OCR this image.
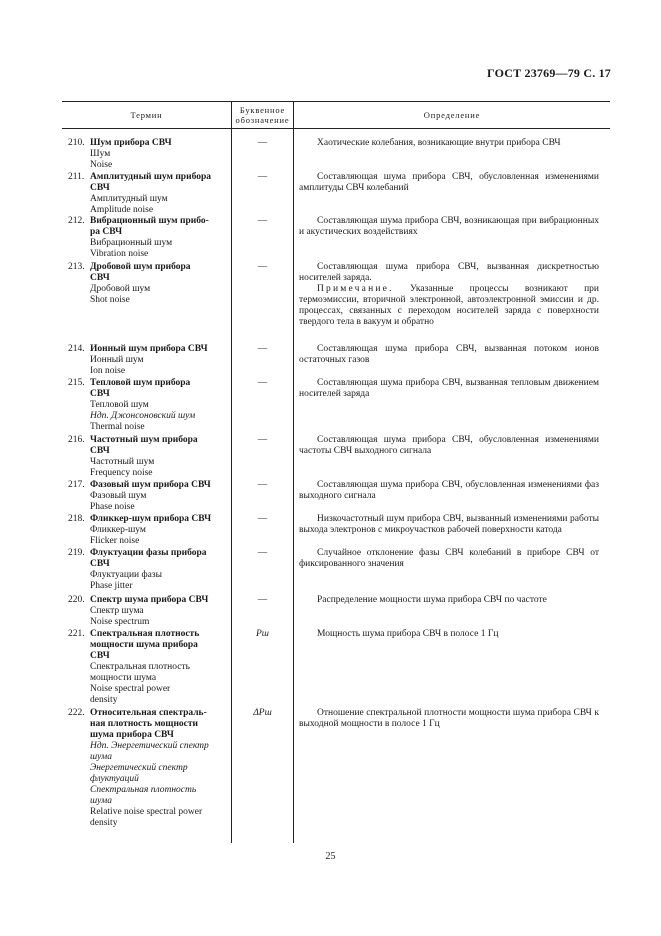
ГОСТ 23769—79 С. 17
Термин	Буквенное обозначение	Определение
210. Шум прибора СВЧ
Шум
Noise
—	Хаотические колебания, возникающие внутри прибора СВЧ
211. Амплитудный шум прибора
СВЧ
Амплитудный шум
Amplitude noise
—	Составляющая шума прибора СВЧ, обусловленная изменениями амплитуды СВЧ колебаний
212. Вибрационный шум прибо-
ра СВЧ
Вибрационный шум
Vibration noise
—	Составляющая шума прибора СВЧ, возникающая при вибрационных и акустических воздействиях
213. Дробовой шум прибора
СВЧ
Дробовой шум
Shot noise
—	Составляющая шума прибора СВЧ, вызванная дискретностью носителей заряда.
Примечание. Указанные процессы возникают при термоэмиссии, вторичной электронной, автоэлектронной эмиссии и др. процессах, связанных с переходом носителей заряда с поверхности твердого тела в вакуум и обратно
214. Ионный шум прибора СВЧ
Ионный шум
Ion noise
—	Составляющая шума прибора СВЧ, вызванная потоком ионов остаточных газов
215. Тепловой шум прибора
СВЧ
Тепловой шум
Ндп. Джонсоновский шум
Thermal noise
—	Составляющая шума прибора СВЧ, вызванная тепловым движением носителей заряда
216. Частотный шум прибора
СВЧ
Частотный шум
Frequency noise
—	Составляющая шума прибора СВЧ, обусловленная изменениями частоты СВЧ выходного сигнала
217. Фазовый шум прибора СВЧ
Фазовый шум
Phase noise
—	Составляющая шума прибора СВЧ, обусловленная изменениями фаз выходного сигнала
218. Фликкер-шум прибора СВЧ
Фликкер-шум
Flicker noise
—	Низкочастотный шум прибора СВЧ, вызванный изменениями работы выхода электронов с микроучастков рабочей поверхности катода
219. Флуктуации фазы прибора
СВЧ
Флуктуации фазы
Phase jitter
—	Случайное отклонение фазы СВЧ колебаний в приборе СВЧ от фиксированного значения
220. Спектр шума прибора СВЧ
Спектр шума
Noise spectrum
—	Распределение мощности шума прибора СВЧ по частоте
221. Спектральная плотность
мощности шума прибора
СВЧ
Спектральная плотность
мощности шума
Noise spectral power
density
Pш	Мощность шума прибора СВЧ в полосе 1 Гц
222. Относительная спектраль-
ная плотность мощности
шума прибора СВЧ
Ндп. Энергетический спектр
шума
Энергетический спектр
флуктуаций
Спектральная плотность
шума
Relative noise spectral power
density
ΔPш	Отношение спектральной плотности мощности шума прибора СВЧ к выходной мощности в полосе 1 Гц
25
